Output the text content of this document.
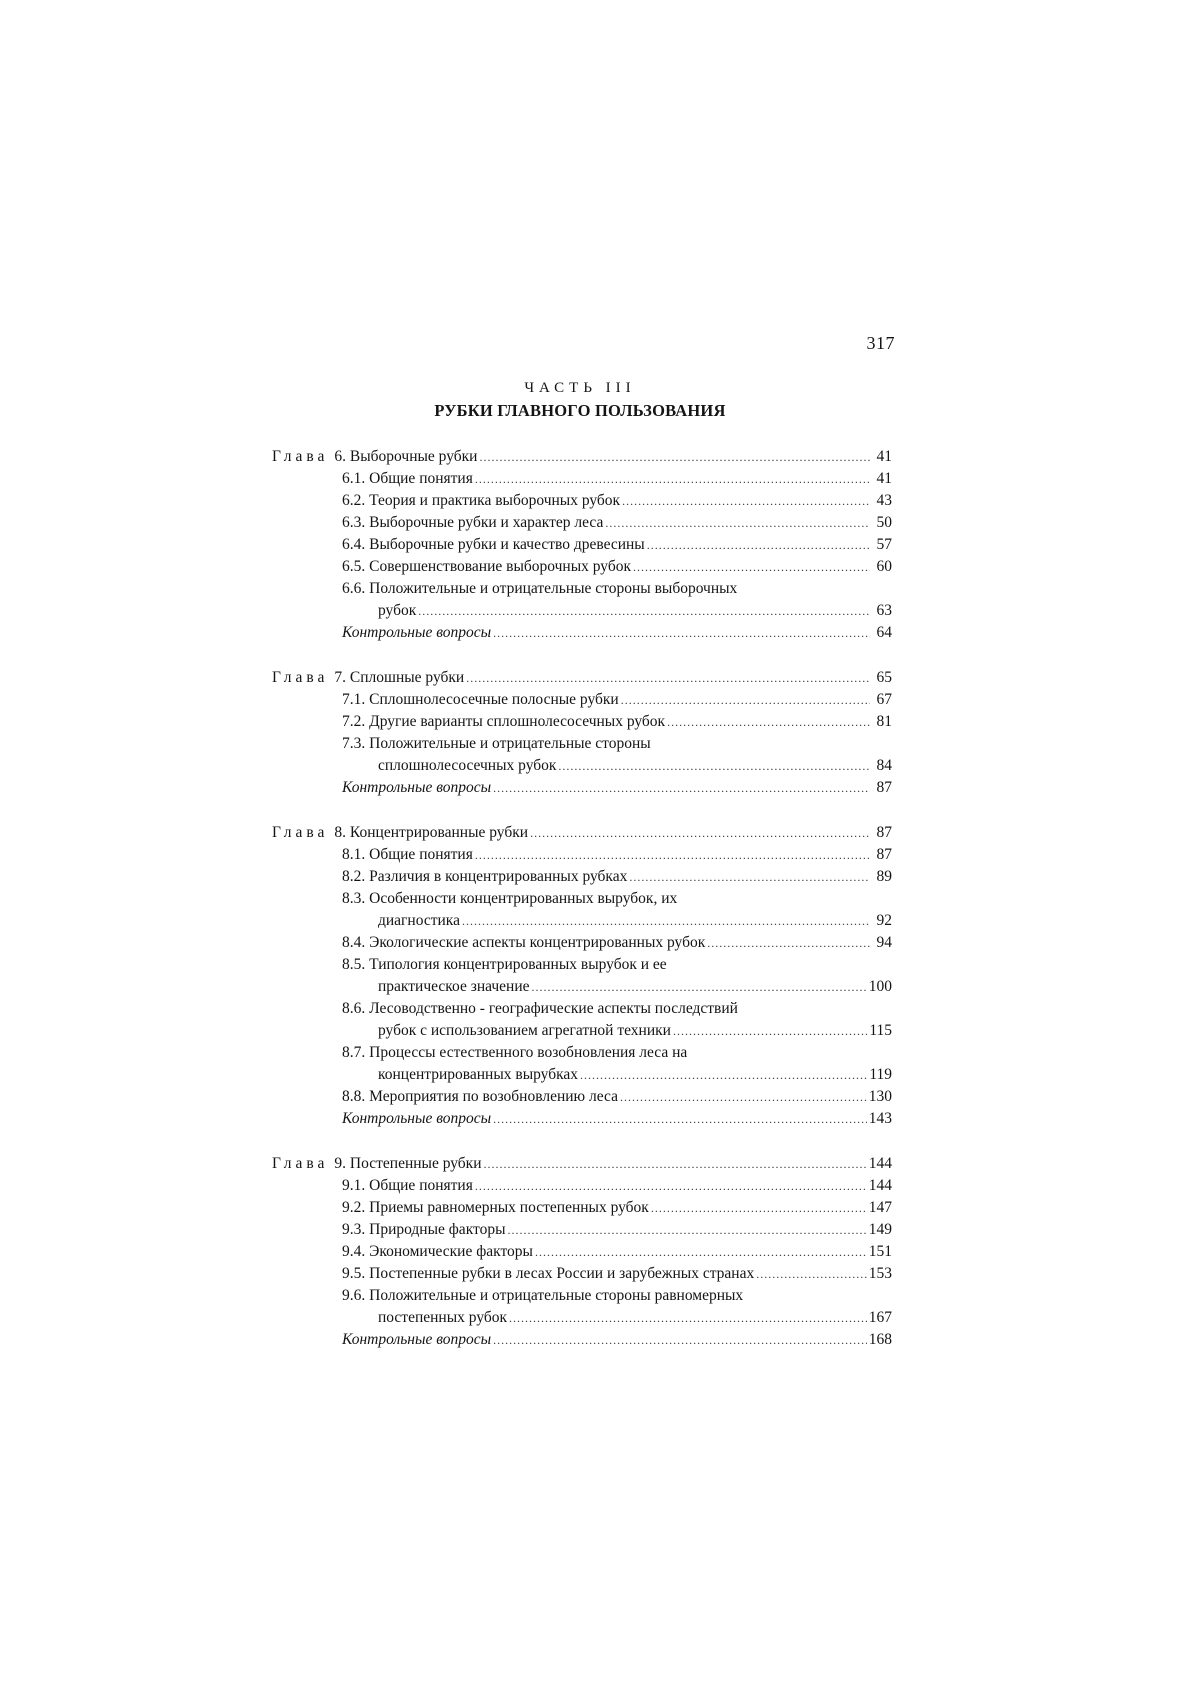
317
ЧАСТЬ III
РУБКИ ГЛАВНОГО ПОЛЬЗОВАНИЯ
Глава 6. Выборочные рубки .....	41
6.1. Общие понятия .....	41
6.2. Теория и практика выборочных рубок .....	43
6.3. Выборочные рубки и характер леса .....	50
6.4. Выборочные рубки и качество древесины .....	57
6.5. Совершенствование выборочных рубок .....	60
6.6. Положительные и отрицательные стороны выборочных
рубок .....	63
Контрольные вопросы .....	64
Глава 7. Сплошные рубки .....	65
7.1. Сплошнолесосечные полосные рубки .....	67
7.2. Другие варианты сплошнолесосечных рубок .....	81
7.3. Положительные и отрицательные стороны
сплошнолесосечных рубок .....	84
Контрольные вопросы .....	87
Глава 8. Концентрированные рубки .....	87
8.1. Общие понятия .....	87
8.2. Различия в концентрированных рубках .....	89
8.3. Особенности концентрированных вырубок, их
диагностика .....	92
8.4. Экологические аспекты концентрированных рубок .....	94
8.5. Типология концентрированных вырубок и ее
практическое значение .....	100
8.6. Лесоводственно - географические аспекты последствий
рубок с использованием агрегатной техники .....	115
8.7. Процессы естественного возобновления леса на
концентрированных вырубках .....	119
8.8. Мероприятия по возобновлению леса .....	130
Контрольные вопросы .....	143
Глава 9. Постепенные рубки .....	144
9.1. Общие понятия .....	144
9.2. Приемы равномерных постепенных рубок .....	147
9.3. Природные факторы .....	149
9.4. Экономические факторы .....	151
9.5. Постепенные рубки в лесах России и зарубежных странах .....	153
9.6. Положительные и отрицательные стороны равномерных
постепенных рубок .....	167
Контрольные вопросы .....	168
